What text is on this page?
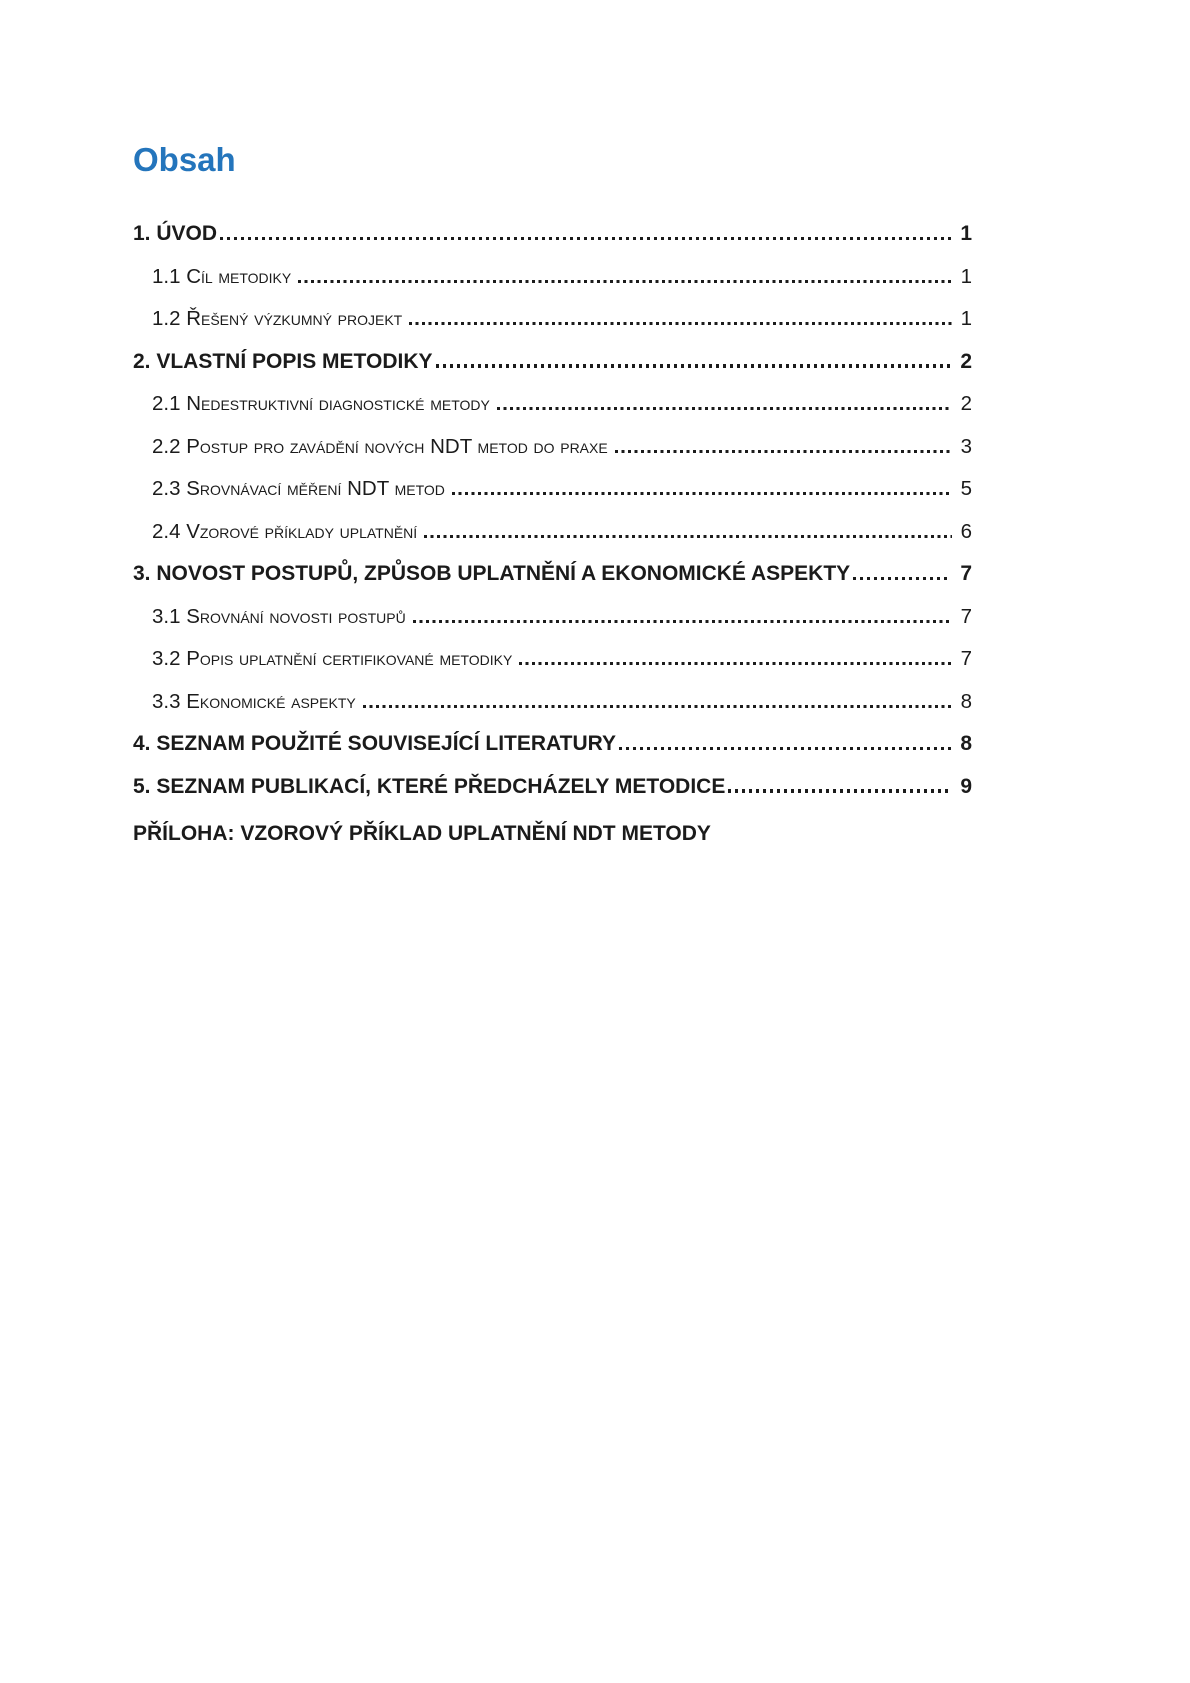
Obsah
1. ÚVOD	1
1.1 Cíl metodiky	1
1.2 Řešený výzkumný projekt	1
2. VLASTNÍ POPIS METODIKY	2
2.1 Nedestruktivní diagnostické metody	2
2.2 Postup pro zavádění nových NDT metod do praxe	3
2.3 Srovnávací měření NDT metod	5
2.4 Vzorové příklady uplatnění	6
3. NOVOST POSTUPŮ, ZPŮSOB UPLATNĚNÍ A EKONOMICKÉ ASPEKTY	7
3.1 Srovnání novosti postupů	7
3.2 Popis uplatnění certifikované metodiky	7
3.3 Ekonomické aspekty	8
4. SEZNAM POUŽITÉ SOUVISEJÍCÍ LITERATURY	8
5. SEZNAM PUBLIKACÍ, KTERÉ PŘEDCHÁZELY METODICE	9
PŘÍLOHA: VZOROVÝ PŘÍKLAD UPLATNĚNÍ NDT METODY
